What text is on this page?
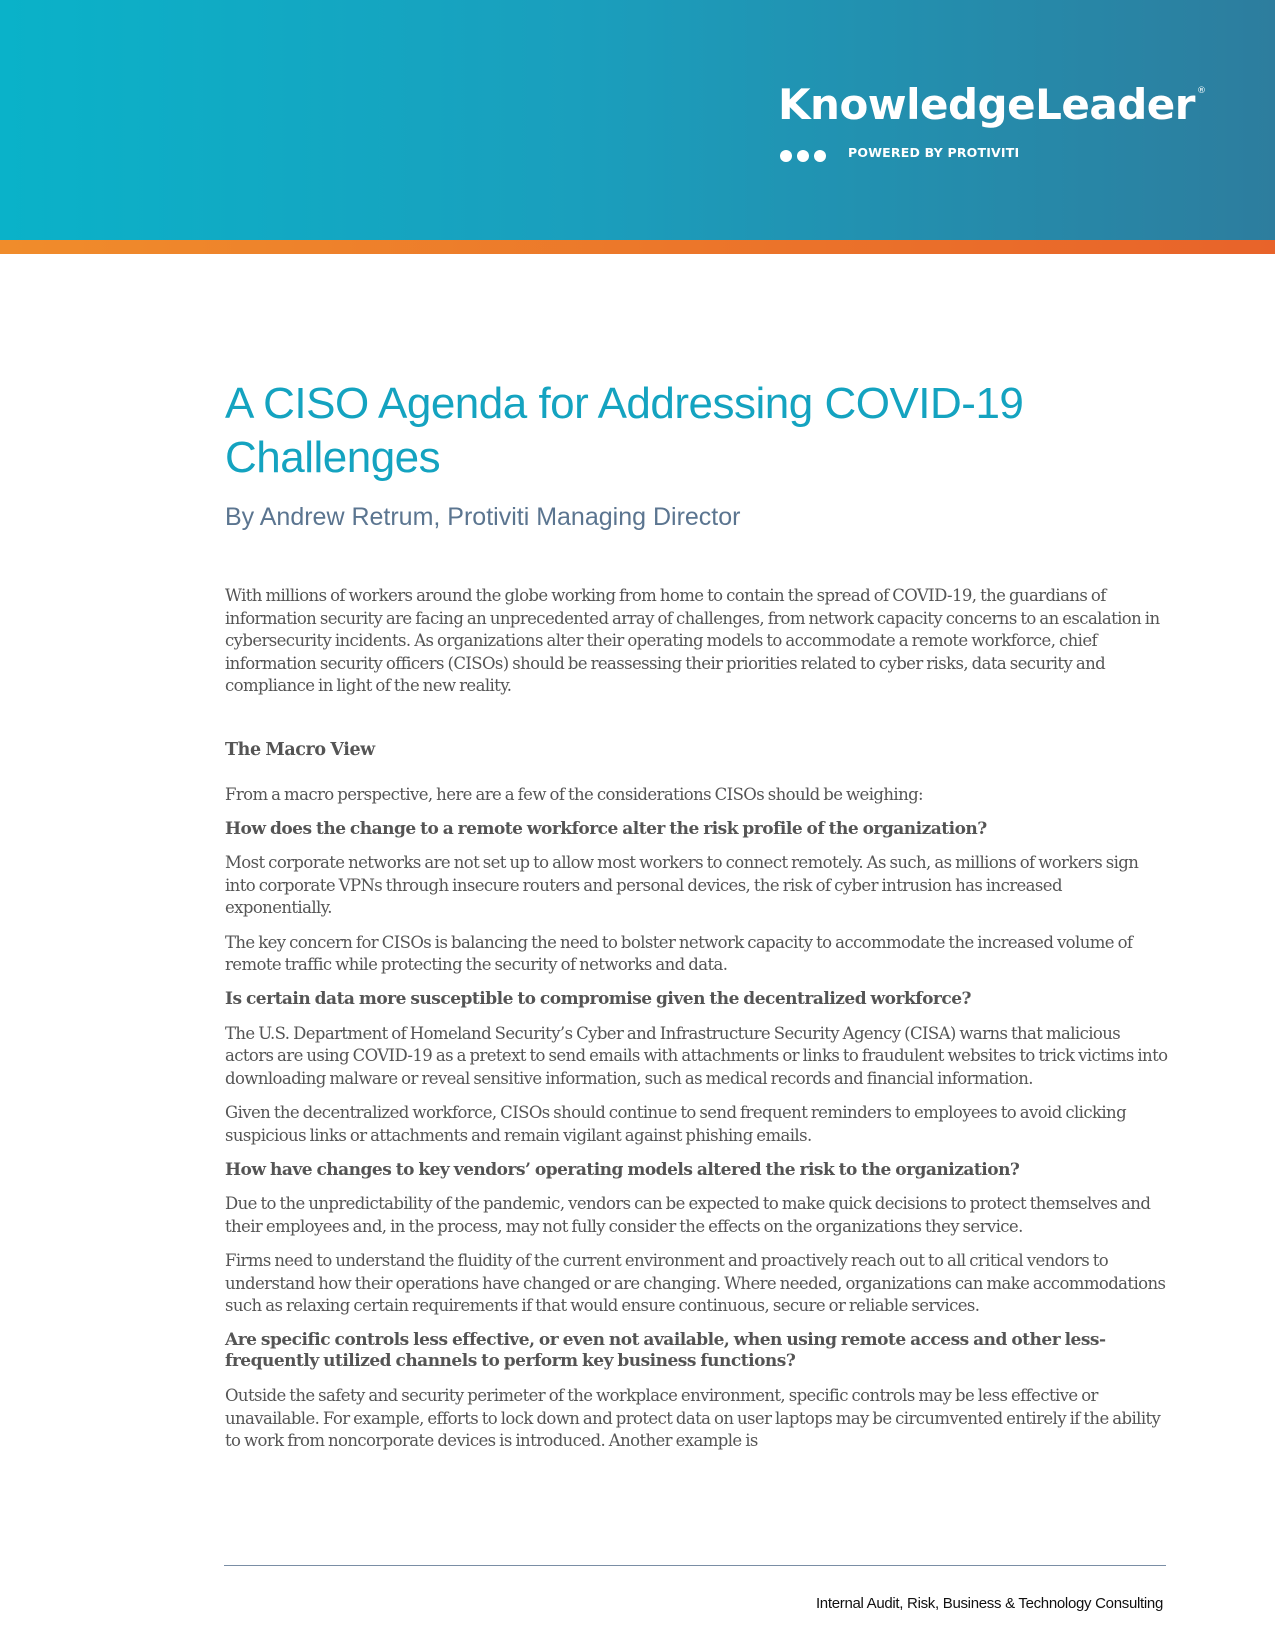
KnowledgeLeader ®
POWERED BY PROTIVITI
A CISO Agenda for Addressing COVID-19 Challenges

By Andrew Retrum, Protiviti Managing Director

With millions of workers around the globe working from home to contain the spread of COVID-19, the guardians of information security are facing an unprecedented array of challenges, from network capacity concerns to an escalation in cybersecurity incidents. As organizations alter their operating models to accommodate a remote workforce, chief information security officers (CISOs) should be reassessing their priorities related to cyber risks, data security and compliance in light of the new reality.

The Macro View

From a macro perspective, here are a few of the considerations CISOs should be weighing:

How does the change to a remote workforce alter the risk profile of the organization?

Most corporate networks are not set up to allow most workers to connect remotely. As such, as millions of workers sign into corporate VPNs through insecure routers and personal devices, the risk of cyber intrusion has increased exponentially.

The key concern for CISOs is balancing the need to bolster network capacity to accommodate the increased volume of remote traffic while protecting the security of networks and data.

Is certain data more susceptible to compromise given the decentralized workforce?

The U.S. Department of Homeland Security’s Cyber and Infrastructure Security Agency (CISA) warns that malicious actors are using COVID-19 as a pretext to send emails with attachments or links to fraudulent websites to trick victims into downloading malware or reveal sensitive information, such as medical records and financial information.

Given the decentralized workforce, CISOs should continue to send frequent reminders to employees to avoid clicking suspicious links or attachments and remain vigilant against phishing emails.

How have changes to key vendors’ operating models altered the risk to the organization?

Due to the unpredictability of the pandemic, vendors can be expected to make quick decisions to protect themselves and their employees and, in the process, may not fully consider the effects on the organizations they service.

Firms need to understand the fluidity of the current environment and proactively reach out to all critical vendors to understand how their operations have changed or are changing. Where needed, organizations can make accommodations such as relaxing certain requirements if that would ensure continuous, secure or reliable services.

Are specific controls less effective, or even not available, when using remote access and other less-frequently utilized channels to perform key business functions?

Outside the safety and security perimeter of the workplace environment, specific controls may be less effective or unavailable. For example, efforts to lock down and protect data on user laptops may be circumvented entirely if the ability to work from noncorporate devices is introduced. Another example is

Internal Audit, Risk, Business & Technology Consulting
